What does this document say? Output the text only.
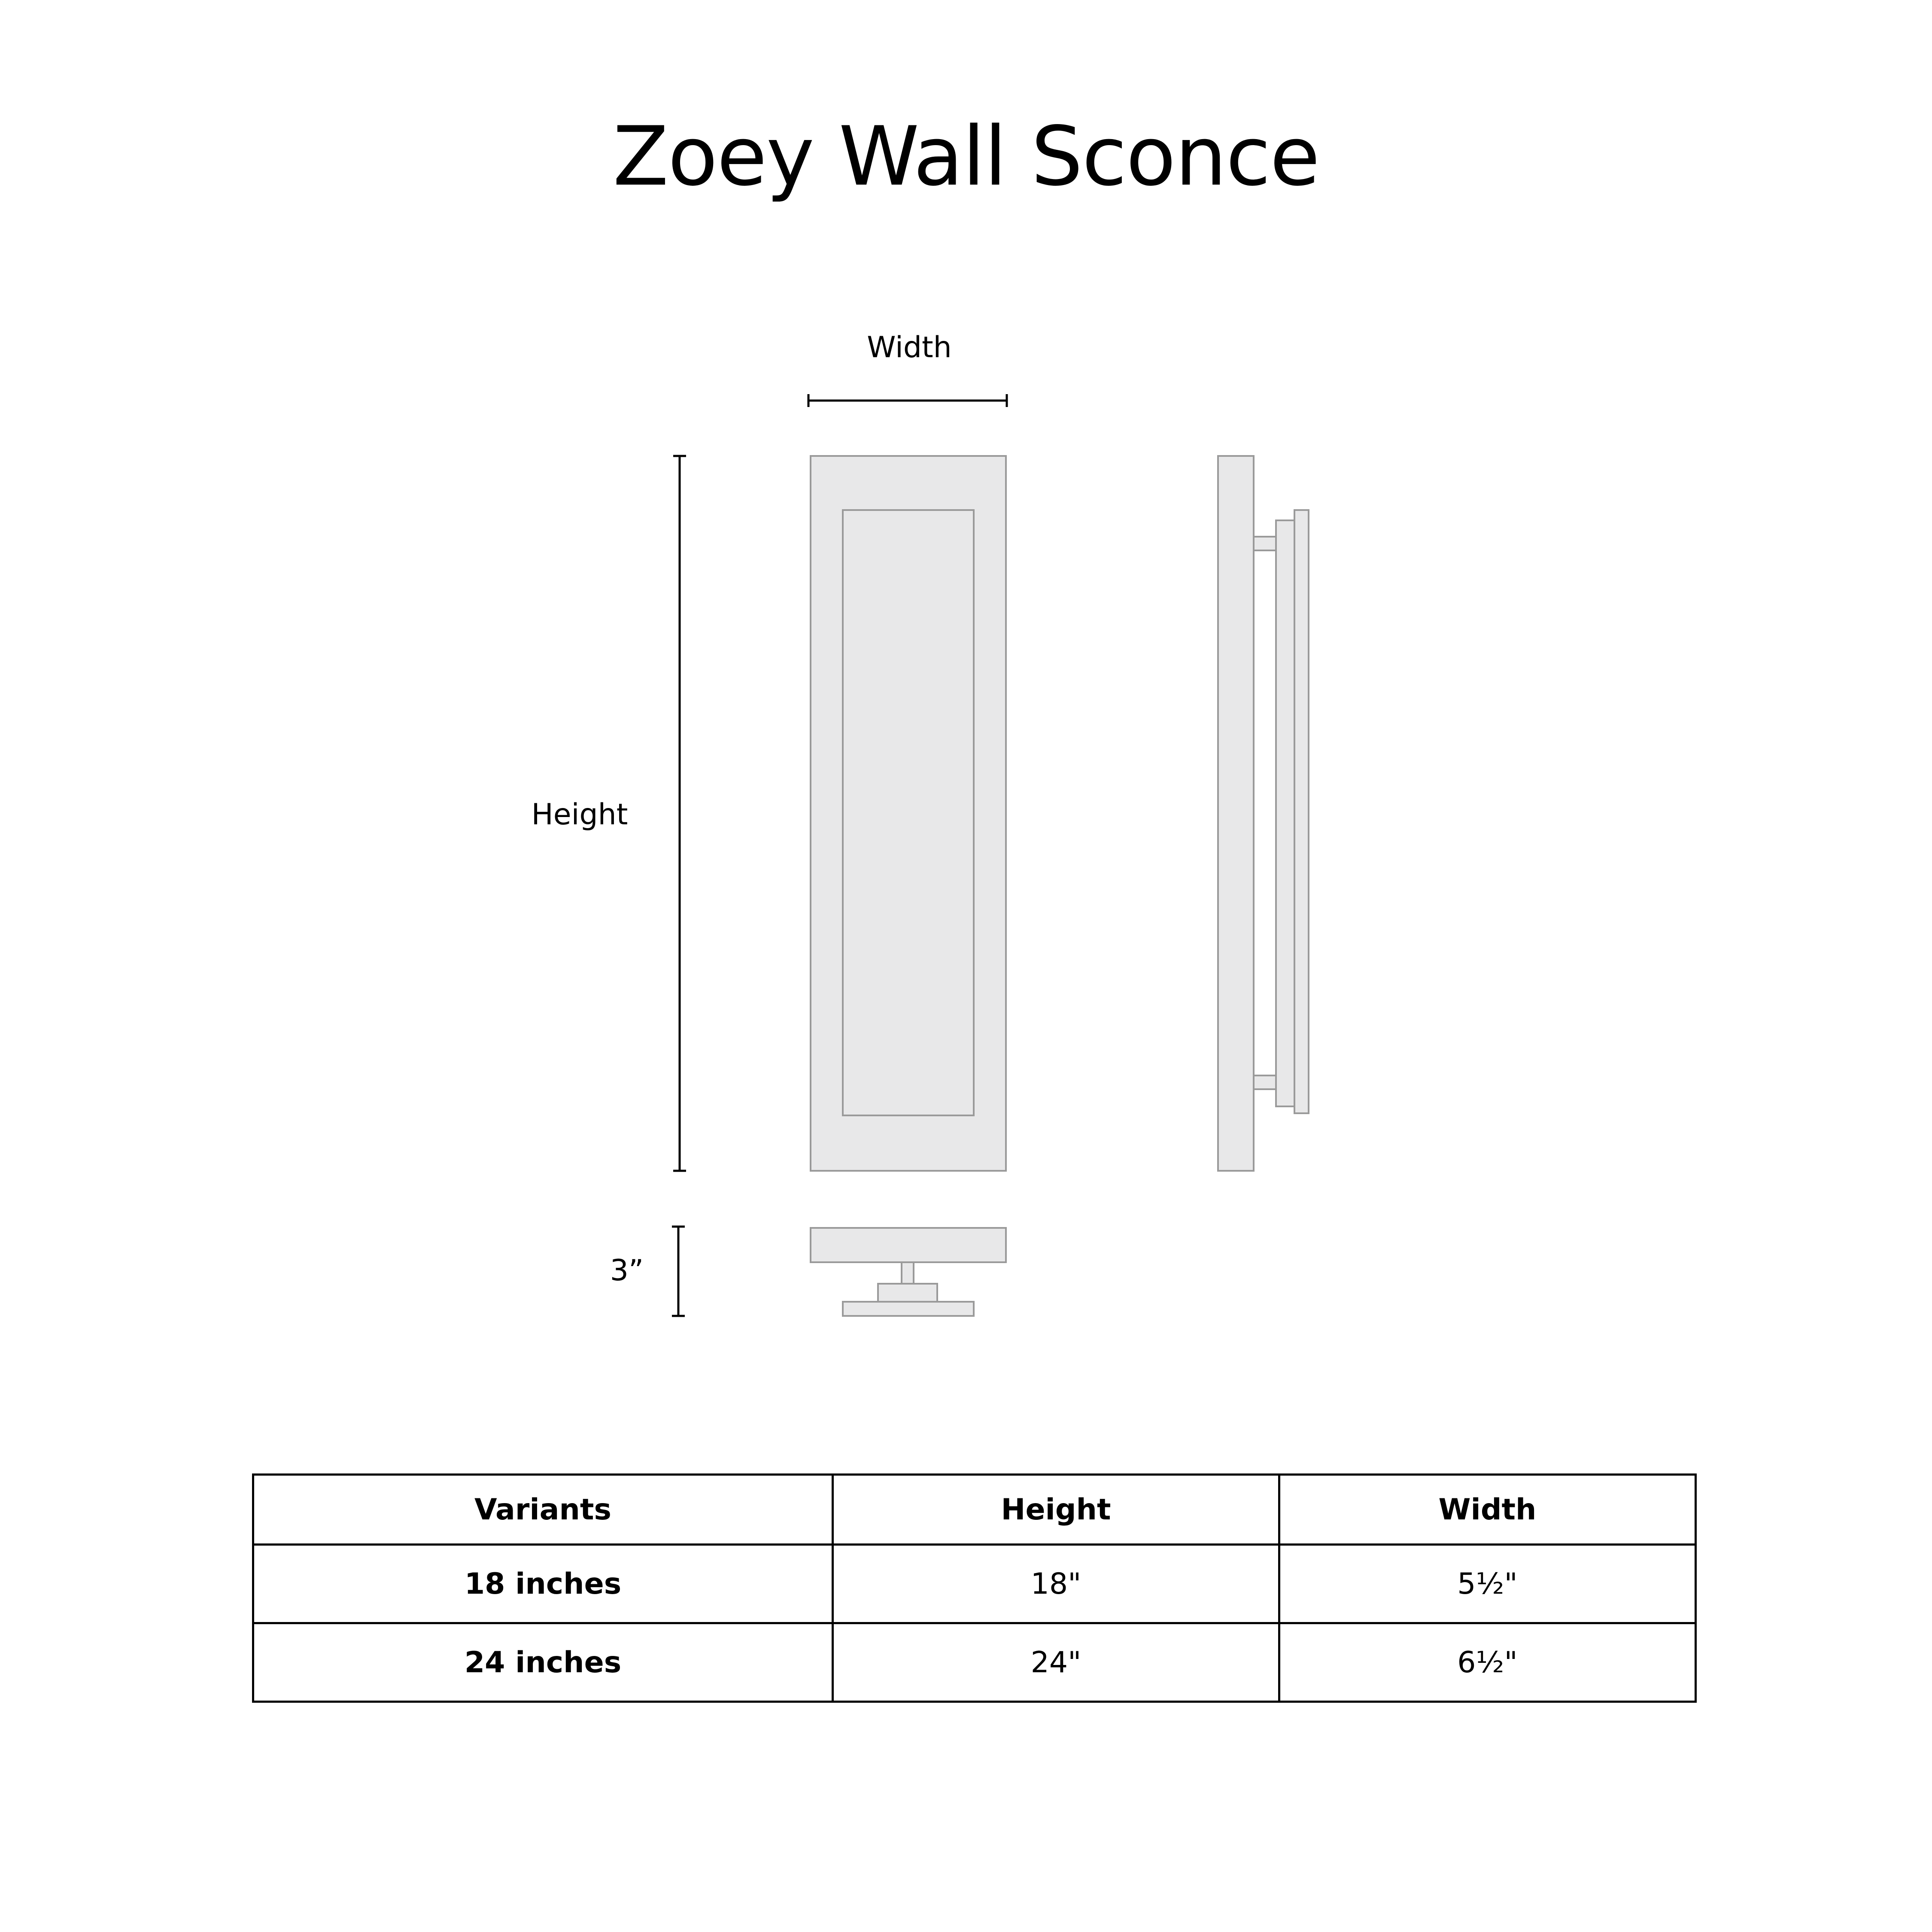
Zoey Wall Sconce
Width
Height
3”
Variants	Height	Width
18 inches	18"	5½"
24 inches	24"	6½"
